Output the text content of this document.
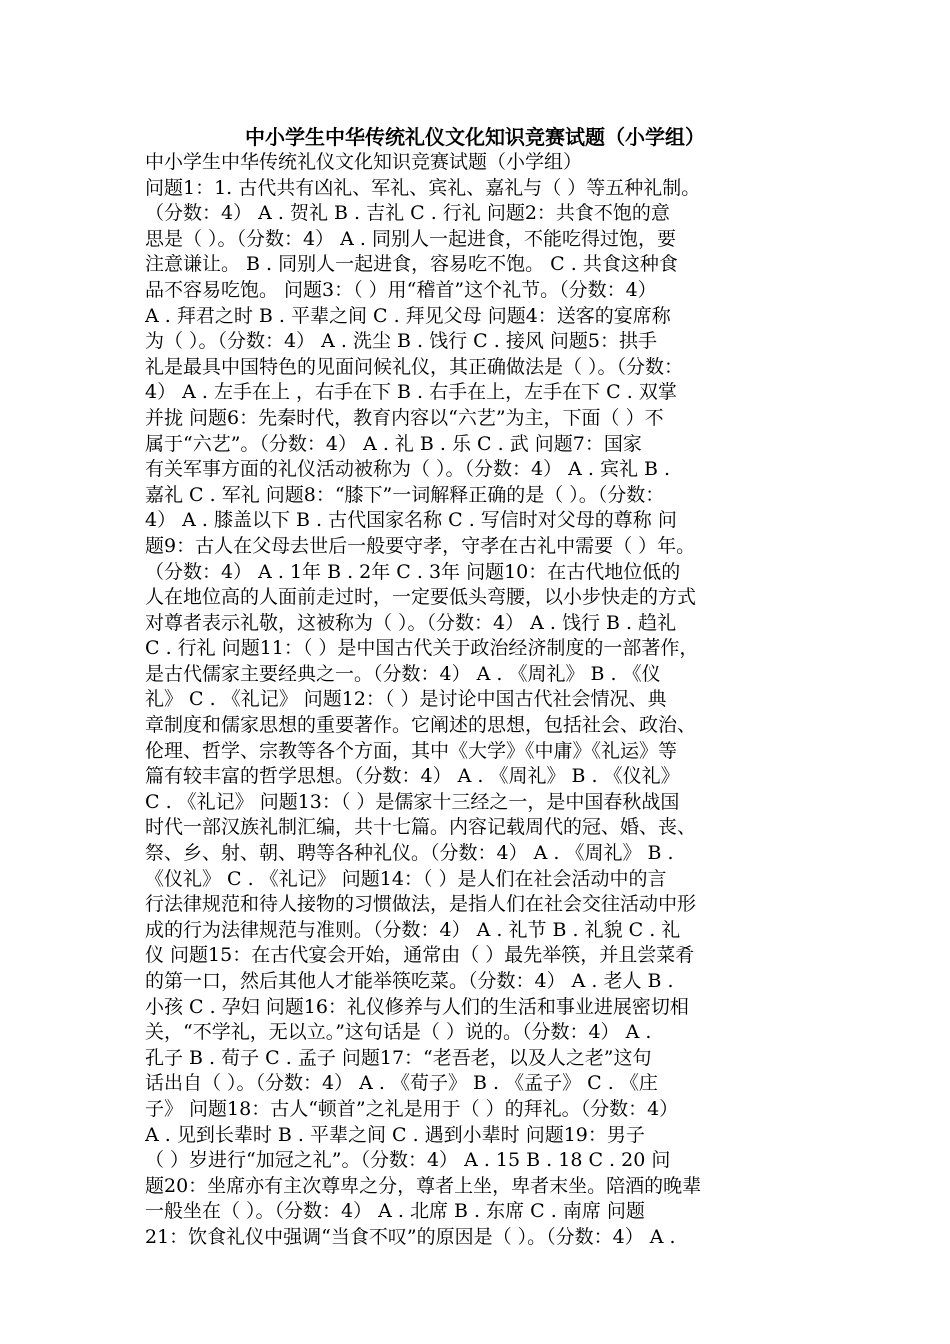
中小学生中华传统礼仪文化知识竞赛试题（小学组）
中小学生中华传统礼仪文化知识竞赛试题（小学组）
问题1：1. 古代共有凶礼、军礼、宾礼、嘉礼与（ ）等五种礼制。
（分数：4） A . 贺礼 B . 吉礼 C . 行礼 问题2：共食不饱的意
思是（ ）。（分数：4） A . 同别人一起进食，不能吃得过饱，要
注意谦让。 B . 同别人一起进食，容易吃不饱。 C . 共食这种食
品不容易吃饱。 问题3：（ ）用“稽首”这个礼节。（分数：4）
A . 拜君之时 B . 平辈之间 C . 拜见父母 问题4：送客的宴席称
为（ ）。（分数：4） A . 洗尘 B . 饯行 C . 接风 问题5：拱手
礼是最具中国特色的见面问候礼仪，其正确做法是（ ）。（分数：
4） A . 左手在上 ，右手在下 B . 右手在上，左手在下 C . 双掌
并拢 问题6：先秦时代，教育内容以“六艺”为主，下面（ ）不
属于“六艺”。（分数：4） A . 礼 B . 乐 C . 武 问题7：国家
有关军事方面的礼仪活动被称为（ ）。（分数：4） A . 宾礼 B .
嘉礼 C . 军礼 问题8：“膝下”一词解释正确的是（ ）。（分数：
4） A . 膝盖以下 B . 古代国家名称 C . 写信时对父母的尊称 问
题9：古人在父母去世后一般要守孝，守孝在古礼中需要（ ）年。
（分数：4） A . 1年 B . 2年 C . 3年 问题10：在古代地位低的
人在地位高的人面前走过时，一定要低头弯腰，以小步快走的方式
对尊者表示礼敬，这被称为（ ）。（分数：4） A . 饯行 B . 趋礼
C . 行礼 问题11：（ ）是中国古代关于政治经济制度的一部著作，
是古代儒家主要经典之一。（分数：4） A . 《周礼》 B . 《仪
礼》 C . 《礼记》 问题12：（ ）是讨论中国古代社会情况、典
章制度和儒家思想的重要著作。它阐述的思想，包括社会、政治、
伦理、哲学、宗教等各个方面，其中《大学》《中庸》《礼运》等
篇有较丰富的哲学思想。（分数：4） A . 《周礼》 B . 《仪礼》
C . 《礼记》 问题13：（ ）是儒家十三经之一，是中国春秋战国
时代一部汉族礼制汇编，共十七篇。内容记载周代的冠、婚、丧、
祭、乡、射、朝、聘等各种礼仪。（分数：4） A . 《周礼》 B .
《仪礼》 C . 《礼记》 问题14：（ ）是人们在社会活动中的言
行法律规范和待人接物的习惯做法，是指人们在社会交往活动中形
成的行为法律规范与准则。（分数：4） A . 礼节 B . 礼貌 C . 礼
仪 问题15：在古代宴会开始，通常由（ ）最先举筷，并且尝菜肴
的第一口，然后其他人才能举筷吃菜。（分数：4） A . 老人 B .
小孩 C . 孕妇 问题16：礼仪修养与人们的生活和事业进展密切相
关，“不学礼，无以立。”这句话是（ ）说的。（分数：4） A .
孔子 B . 荀子 C . 孟子 问题17：“老吾老，以及人之老”这句
话出自（ ）。（分数：4） A . 《荀子》 B . 《孟子》 C . 《庄
子》 问题18：古人“顿首”之礼是用于（ ）的拜礼。（分数：4）
A . 见到长辈时 B . 平辈之间 C . 遇到小辈时 问题19：男子
（ ）岁进行“加冠之礼”。（分数：4） A . 15 B . 18 C . 20 问
题20：坐席亦有主次尊卑之分，尊者上坐，卑者末坐。陪酒的晚辈
一般坐在（ ）。（分数：4） A . 北席 B . 东席 C . 南席 问题
21：饮食礼仪中强调“当食不叹”的原因是（ ）。（分数：4） A .
